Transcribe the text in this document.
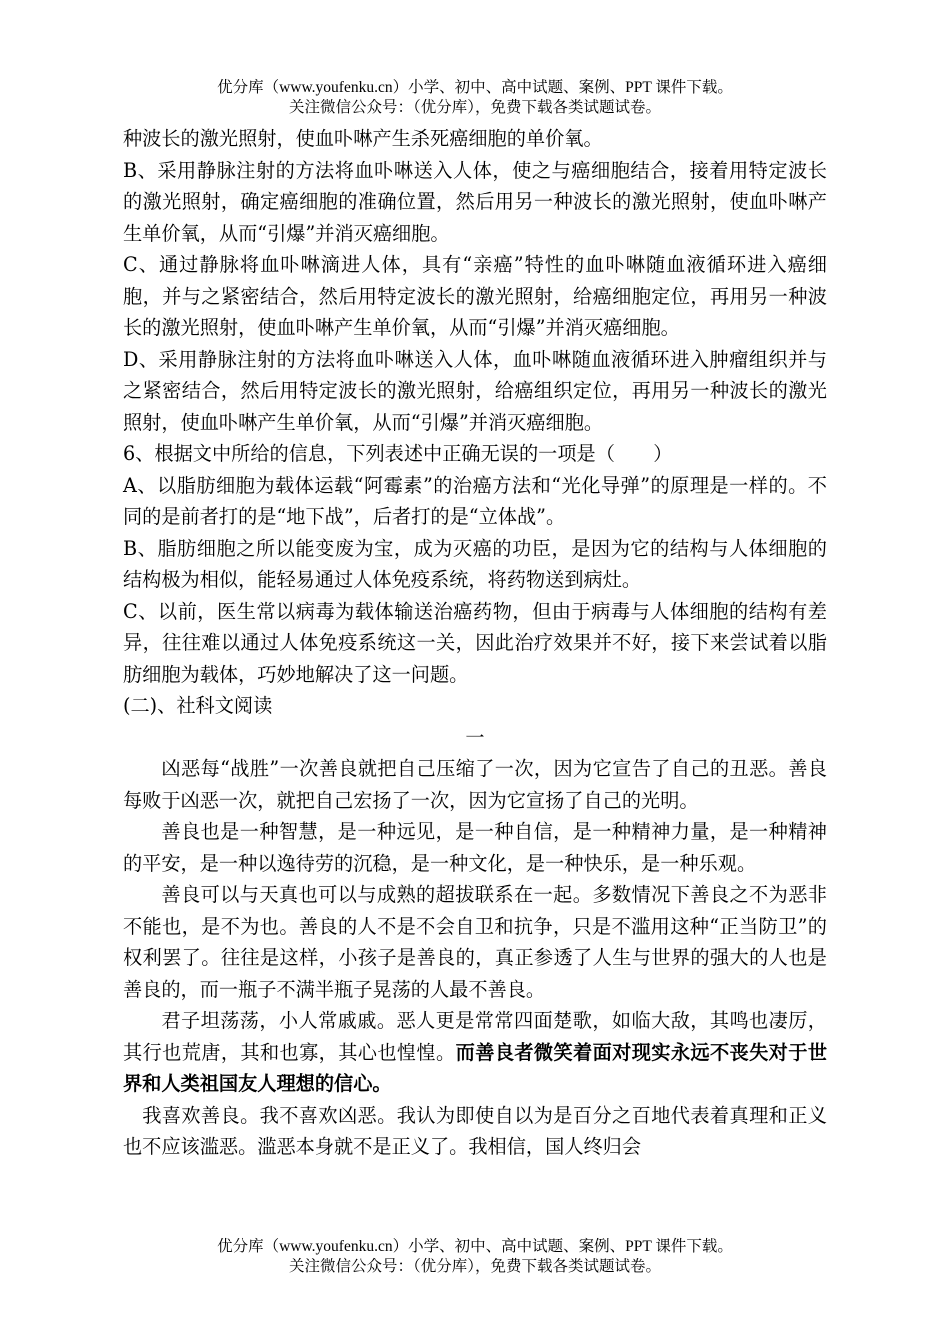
优分库（www.youfenku.cn）小学、初中、高中试题、案例、PPT 课件下载。
关注微信公众号：（优分库），免费下载各类试题试卷。

种波长的激光照射，使血卟啉产生杀死癌细胞的单价氧。

B、采用静脉注射的方法将血卟啉送入人体，使之与癌细胞结合，接着用特定波长的激光照射，确定癌细胞的准确位置，然后用另一种波长的激光照射，使血卟啉产生单价氧，从而“引爆”并消灭癌细胞。

C、通过静脉将血卟啉滴进人体，具有“亲癌”特性的血卟啉随血液循环进入癌细胞，并与之紧密结合，然后用特定波长的激光照射，给癌细胞定位，再用另一种波长的激光照射，使血卟啉产生单价氧，从而“引爆”并消灭癌细胞。

D、采用静脉注射的方法将血卟啉送入人体，血卟啉随血液循环进入肿瘤组织并与之紧密结合，然后用特定波长的激光照射，给癌组织定位，再用另一种波长的激光照射，使血卟啉产生单价氧，从而“引爆”并消灭癌细胞。

6、根据文中所给的信息，下列表述中正确无误的一项是（　　）

A、以脂肪细胞为载体运载“阿霉素”的治癌方法和“光化导弹”的原理是一样的。不同的是前者打的是“地下战”，后者打的是“立体战”。

B、脂肪细胞之所以能变废为宝，成为灭癌的功臣，是因为它的结构与人体细胞的结构极为相似，能轻易通过人体免疫系统，将药物送到病灶。

C、以前，医生常以病毒为载体输送治癌药物，但由于病毒与人体细胞的结构有差异，往往难以通过人体免疫系统这一关，因此治疗效果并不好，接下来尝试着以脂肪细胞为载体，巧妙地解决了这一问题。

(二)、社科文阅读

一

凶恶每“战胜”一次善良就把自己压缩了一次，因为它宣告了自己的丑恶。善良每败于凶恶一次，就把自己宏扬了一次，因为它宣扬了自己的光明。

善良也是一种智慧，是一种远见，是一种自信，是一种精神力量，是一种精神的平安，是一种以逸待劳的沉稳，是一种文化，是一种快乐，是一种乐观。

善良可以与天真也可以与成熟的超拔联系在一起。多数情况下善良之不为恶非不能也，是不为也。善良的人不是不会自卫和抗争，只是不滥用这种“正当防卫”的权利罢了。往往是这样，小孩子是善良的，真正参透了人生与世界的强大的人也是善良的，而一瓶子不满半瓶子晃荡的人最不善良。

君子坦荡荡，小人常戚戚。恶人更是常常四面楚歌，如临大敌，其鸣也凄厉，其行也荒唐，其和也寡，其心也惶惶。而善良者微笑着面对现实永远不丧失对于世界和人类祖国友人理想的信心。

我喜欢善良。我不喜欢凶恶。我认为即使自以为是百分之百地代表着真理和正义也不应该滥恶。滥恶本身就不是正义了。我相信，国人终归会

优分库（www.youfenku.cn）小学、初中、高中试题、案例、PPT 课件下载。
关注微信公众号：（优分库），免费下载各类试题试卷。
